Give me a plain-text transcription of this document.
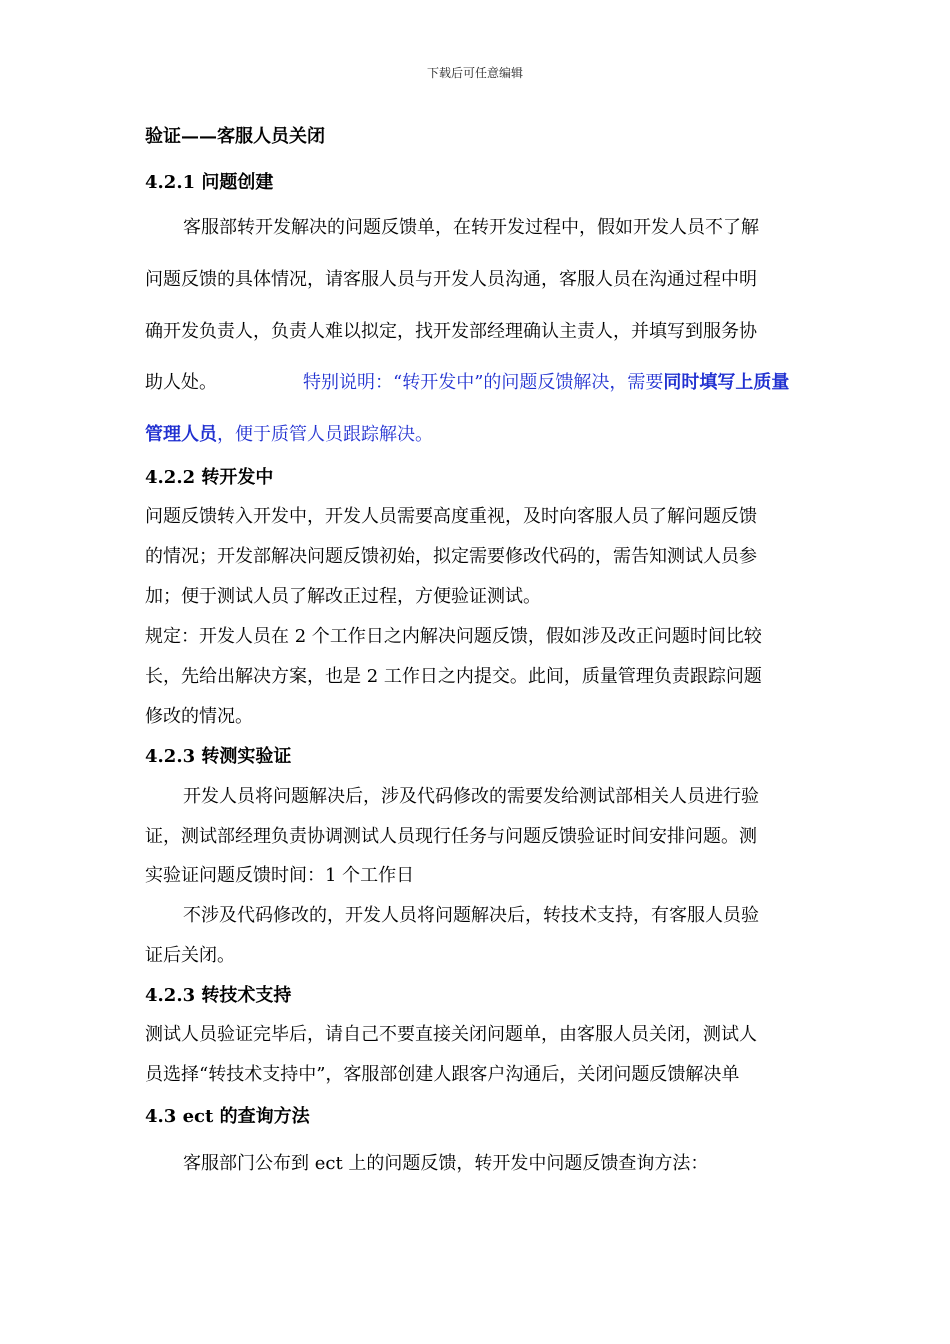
下载后可任意编辑
验证——客服人员关闭
4.2.1 问题创建
客服部转开发解决的问题反馈单，在转开发过程中，假如开发人员不了解
问题反馈的具体情况，请客服人员与开发人员沟通，客服人员在沟通过程中明
确开发负责人，负责人难以拟定，找开发部经理确认主责人，并填写到服务协
助人处。	特别说明：“转开发中”的问题反馈解决，需要同时填写上质量
管理人员，便于质管人员跟踪解决。
4.2.2 转开发中
问题反馈转入开发中，开发人员需要高度重视，及时向客服人员了解问题反馈
的情况；开发部解决问题反馈初始，拟定需要修改代码的，需告知测试人员参
加；便于测试人员了解改正过程，方便验证测试。
规定：开发人员在 2 个工作日之内解决问题反馈，假如涉及改正问题时间比较
长，先给出解决方案，也是 2 工作日之内提交。此间，质量管理负责跟踪问题
修改的情况。
4.2.3 转测实验证
开发人员将问题解决后，涉及代码修改的需要发给测试部相关人员进行验
证，测试部经理负责协调测试人员现行任务与问题反馈验证时间安排问题。测
实验证问题反馈时间：1 个工作日
不涉及代码修改的，开发人员将问题解决后，转技术支持，有客服人员验
证后关闭。
4.2.3 转技术支持
测试人员验证完毕后，请自己不要直接关闭问题单，由客服人员关闭，测试人
员选择“转技术支持中”，客服部创建人跟客户沟通后，关闭问题反馈解决单
4.3 ect 的查询方法
客服部门公布到 ect 上的问题反馈，转开发中问题反馈查询方法：
